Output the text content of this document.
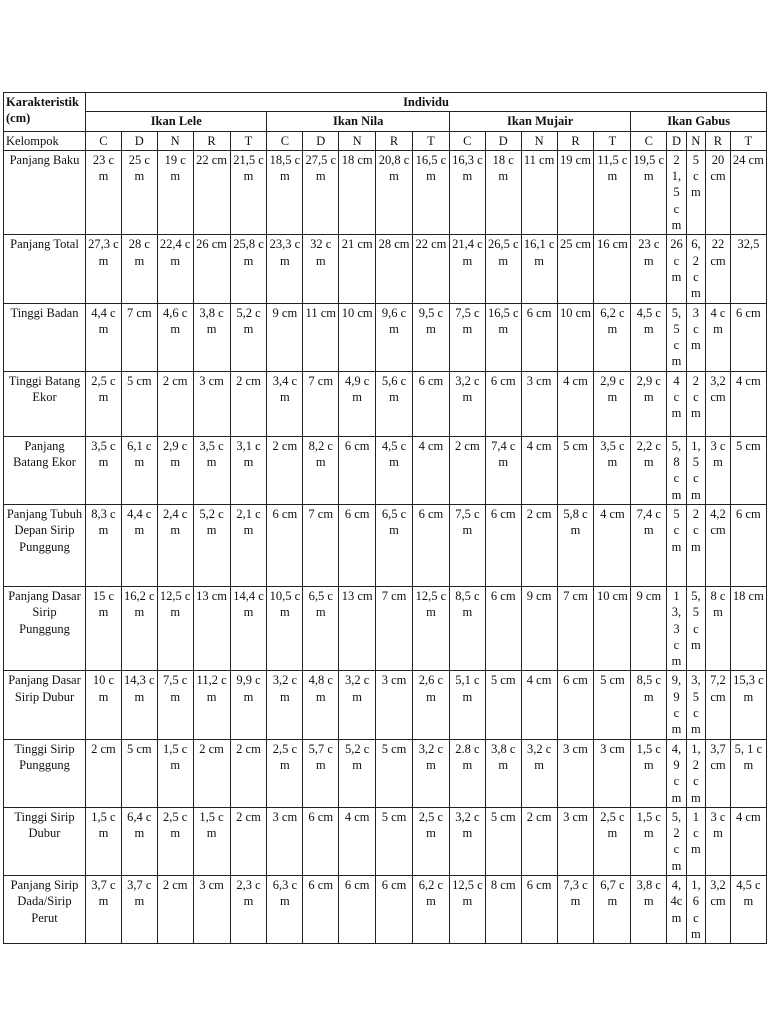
Karakteristik (cm)	Individu																			
	Ikan Lele					Ikan Nila					Ikan Mujair					Ikan Gabus				
Kelompok	C	D	N	R	T	C	D	N	R	T	C	D	N	R	T	C	D	N	R	T
Panjang Baku	23 cm	25 cm	19 cm	22 cm	21,5 cm	18,5 cm	27,5 cm	18 cm	20,8 cm	16,5 cm	16,3 cm	18 cm	11 cm	19 cm	11,5 cm	19,5 cm	21,5 cm	5 cm	20 cm	24 cm
Panjang Total	27,3 cm	28 cm	22,4 cm	26 cm	25,8 cm	23,3 cm	32 cm	21 cm	28 cm	22 cm	21,4 cm	26,5 cm	16,1 cm	25 cm	16 cm	23 cm	26 cm	6,2 cm	22 cm	32,5
Tinggi Badan	4,4 cm	7 cm	4,6 cm	3,8 cm	5,2 cm	9 cm	11 cm	10 cm	9,6 cm	9,5 cm	7,5 cm	16,5 cm	6 cm	10 cm	6,2 cm	4,5 cm	5,5 cm	3 cm	4 cm	6 cm
Tinggi Batang Ekor	2,5 cm	5 cm	2 cm	3 cm	2 cm	3,4 cm	7 cm	4,9 cm	5,6 cm	6 cm	3,2 cm	6 cm	3 cm	4 cm	2,9 cm	2,9 cm	4 cm	2 cm	3,2 cm	4 cm
Panjang Batang Ekor	3,5 cm	6,1 cm	2,9 cm	3,5 cm	3,1 cm	2 cm	8,2 cm	6 cm	4,5 cm	4 cm	2 cm	7,4 cm	4 cm	5 cm	3,5 cm	2,2 cm	5,8 cm	1,5 cm	3 cm	5 cm
Panjang Tubuh Depan Sirip Punggung	8,3 cm	4,4 cm	2,4 cm	5,2 cm	2,1 cm	6 cm	7 cm	6 cm	6,5 cm	6 cm	7,5 cm	6 cm	2 cm	5,8 cm	4 cm	7,4 cm	5 cm	2 cm	4,2 cm	6 cm
Panjang Dasar Sirip Punggung	15 cm	16,2 cm	12,5 cm	13 cm	14,4 cm	10,5 cm	6,5 cm	13 cm	7 cm	12,5 cm	8,5 cm	6 cm	9 cm	7 cm	10 cm	9 cm	13,3 cm	5,5 cm	8 cm	18 cm
Panjang Dasar Sirip Dubur	10 cm	14,3 cm	7,5 cm	11,2 cm	9,9 cm	3,2 cm	4,8 cm	3,2 cm	3 cm	2,6 cm	5,1 cm	5 cm	4 cm	6 cm	5 cm	8,5 cm	9,9 cm	3,5 cm	7,2 cm	15,3 cm
Tinggi Sirip Punggung	2 cm	5 cm	1,5 cm	2 cm	2 cm	2,5 cm	5,7 cm	5,2 cm	5 cm	3,2 cm	2.8 cm	3,8 cm	3,2 cm	3 cm	3 cm	1,5 cm	4,9 cm	1,2 cm	3,7 cm	5, 1 cm
Tinggi Sirip Dubur	1,5 cm	6,4 cm	2,5 cm	1,5 cm	2 cm	3 cm	6 cm	4 cm	5 cm	2,5 cm	3,2 cm	5 cm	2 cm	3 cm	2,5 cm	1,5 cm	5,2 cm	1 cm	3 cm	4 cm
Panjang Sirip Dada/Sirip Perut	3,7 cm	3,7 cm	2 cm	3 cm	2,3 cm	6,3 cm	6 cm	6 cm	6 cm	6,2 cm	12,5 cm	8 cm	6 cm	7,3 cm	6,7 cm	3,8 cm	4,4c m	1,6 cm	3,2 cm	4,5 cm
